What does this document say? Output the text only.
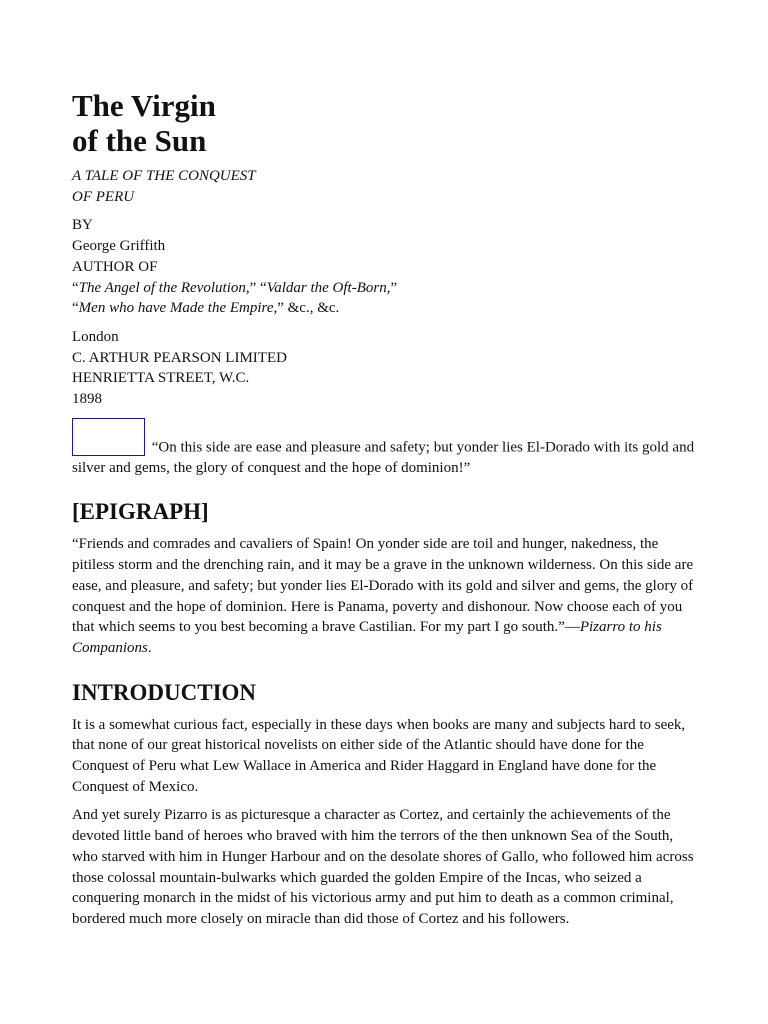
The Virgin
of the Sun
A TALE OF THE CONQUEST
OF PERU
BY
George Griffith
AUTHOR OF
“The Angel of the Revolution,” “Valdar the Oft-Born,”
“Men who have Made the Empire,” &c., &c.
London
C. ARTHUR PEARSON LIMITED
HENRIETTA STREET, W.C.
1898
“On this side are ease and pleasure and safety; but yonder lies El-Dorado with its gold and silver and gems, the glory of conquest and the hope of dominion!”
[EPIGRAPH]

“Friends and comrades and cavaliers of Spain! On yonder side are toil and hunger, nakedness, the pitiless storm and the drenching rain, and it may be a grave in the unknown wilderness. On this side are ease, and pleasure, and safety; but yonder lies El-Dorado with its gold and silver and gems, the glory of conquest and the hope of dominion. Here is Panama, poverty and dishonour. Now choose each of you that which seems to you best becoming a brave Castilian. For my part I go south.”—Pizarro to his Companions.

INTRODUCTION

It is a somewhat curious fact, especially in these days when books are many and subjects hard to seek, that none of our great historical novelists on either side of the Atlantic should have done for the Conquest of Peru what Lew Wallace in America and Rider Haggard in England have done for the Conquest of Mexico.

And yet surely Pizarro is as picturesque a character as Cortez, and certainly the achievements of the devoted little band of heroes who braved with him the terrors of the then unknown Sea of the South, who starved with him in Hunger Harbour and on the desolate shores of Gallo, who followed him across those colossal mountain-bulwarks which guarded the golden Empire of the Incas, who seized a conquering monarch in the midst of his victorious army and put him to death as a common criminal, bordered much more closely on miracle than did those of Cortez and his followers.
